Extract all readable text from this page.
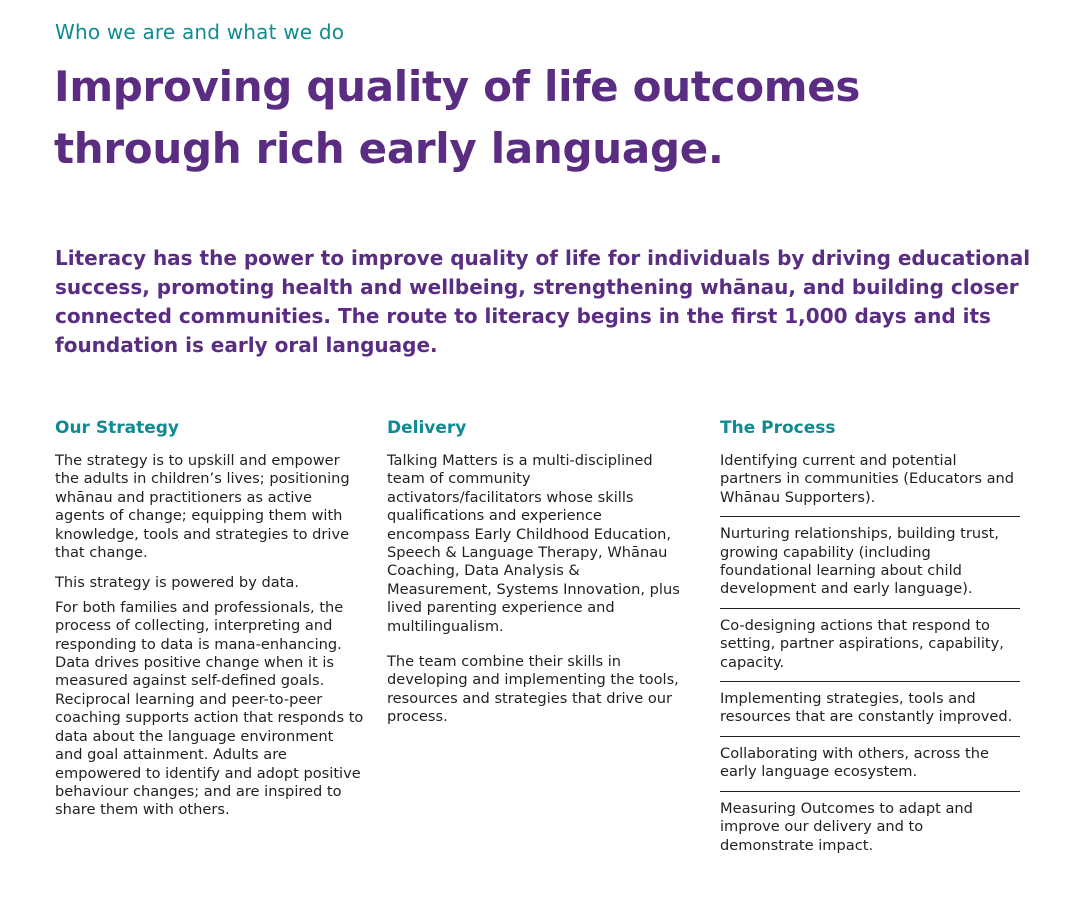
Who we are and what we do
Improving quality of life outcomes
through rich early language.

Literacy has the power to improve quality of life for individuals by driving educational success, promoting health and wellbeing, strengthening whānau, and building closer connected communities. The route to literacy begins in the first 1,000 days and its foundation is early oral language.

Our Strategy

The strategy is to upskill and empower the adults in children’s lives; positioning whānau and practitioners as active agents of change; equipping them with knowledge, tools and strategies to drive that change.

This strategy is powered by data.

For both families and professionals, the process of collecting, interpreting and responding to data is mana-enhancing. Data drives positive change when it is measured against self-defined goals. Reciprocal learning and peer-to-peer coaching supports action that responds to data about the language environment and goal attainment. Adults are empowered to identify and adopt positive behaviour changes; and are inspired to share them with others.

Delivery

Talking Matters is a multi-disciplined team of community activators/facilitators whose skills qualifications and experience encompass Early Childhood Education, Speech & Language Therapy, Whānau Coaching, Data Analysis & Measurement, Systems Innovation, plus lived parenting experience and multilingualism.

The team combine their skills in developing and implementing the tools, resources and strategies that drive our process.

The Process
Identifying current and potential partners in communities (Educators and Whānau Supporters).
Nurturing relationships, building trust, growing capability (including foundational learning about child development and early language).
Co-designing actions that respond to setting, partner aspirations, capability, capacity.
Implementing strategies, tools and resources that are constantly improved.
Collaborating with others, across the early language ecosystem.
Measuring Outcomes to adapt and improve our delivery and to demonstrate impact.
